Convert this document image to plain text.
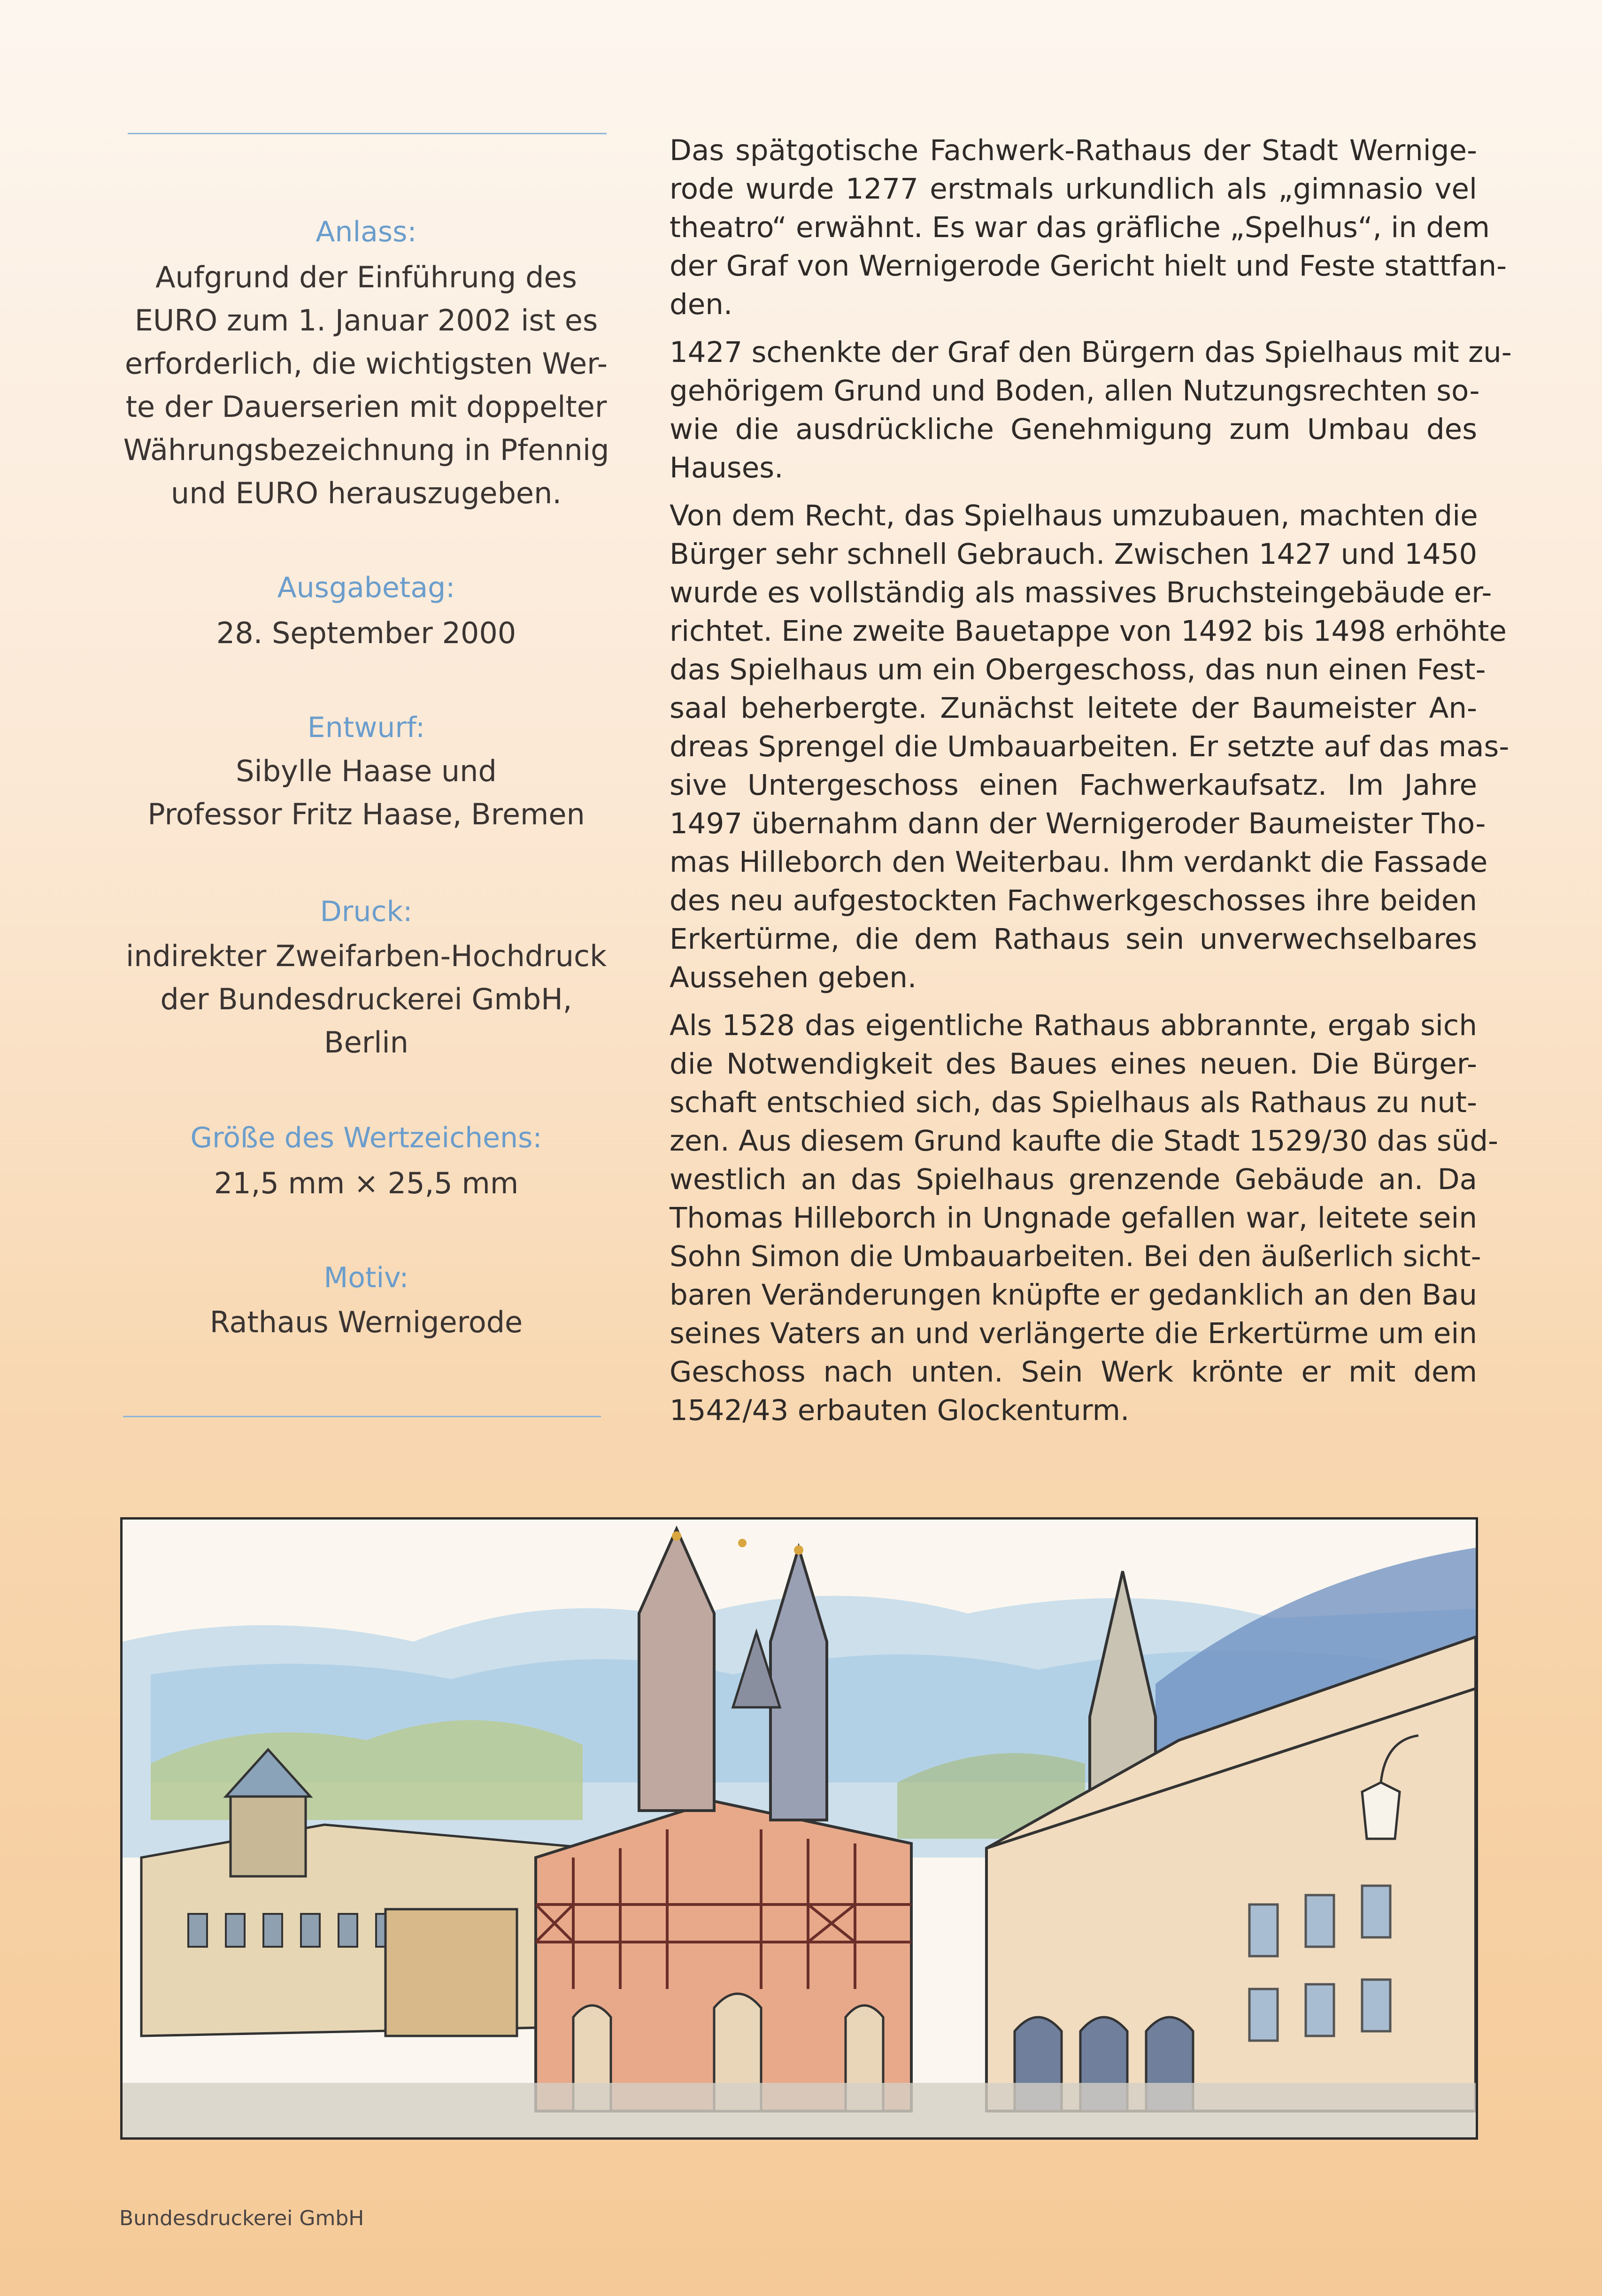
Anlass:
Aufgrund der Einführung des
EURO zum 1. Januar 2002 ist es
erforderlich, die wichtigsten Wer-
te der Dauerserien mit doppelter
Währungsbezeichnung in Pfennig
und EURO herauszugeben.
Ausgabetag:
28. September 2000
Entwurf:
Sibylle Haase und
Professor Fritz Haase, Bremen
Druck:
indirekter Zweifarben-Hochdruck
der Bundesdruckerei GmbH,
Berlin
Größe des Wertzeichens:
21,5 mm × 25,5 mm
Motiv:
Rathaus Wernigerode
Das spätgotische Fachwerk-Rathaus der Stadt Wernige-
rode wurde 1277 erstmals urkundlich als „gimnasio vel
theatro“ erwähnt. Es war das gräfliche „Spelhus“, in dem
der Graf von Wernigerode Gericht hielt und Feste stattfan-
den.
1427 schenkte der Graf den Bürgern das Spielhaus mit zu-
gehörigem Grund und Boden, allen Nutzungsrechten so-
wie die ausdrückliche Genehmigung zum Umbau des
Hauses.
Von dem Recht, das Spielhaus umzubauen, machten die
Bürger sehr schnell Gebrauch. Zwischen 1427 und 1450
wurde es vollständig als massives Bruchsteingebäude er-
richtet. Eine zweite Bauetappe von 1492 bis 1498 erhöhte
das Spielhaus um ein Obergeschoss, das nun einen Fest-
saal beherbergte. Zunächst leitete der Baumeister An-
dreas Sprengel die Umbauarbeiten. Er setzte auf das mas-
sive Untergeschoss einen Fachwerkaufsatz. Im Jahre
1497 übernahm dann der Wernigeroder Baumeister Tho-
mas Hilleborch den Weiterbau. Ihm verdankt die Fassade
des neu aufgestockten Fachwerkgeschosses ihre beiden
Erkertürme, die dem Rathaus sein unverwechselbares
Aussehen geben.
Als 1528 das eigentliche Rathaus abbrannte, ergab sich
die Notwendigkeit des Baues eines neuen. Die Bürger-
schaft entschied sich, das Spielhaus als Rathaus zu nut-
zen. Aus diesem Grund kaufte die Stadt 1529/30 das süd-
westlich an das Spielhaus grenzende Gebäude an. Da
Thomas Hilleborch in Ungnade gefallen war, leitete sein
Sohn Simon die Umbauarbeiten. Bei den äußerlich sicht-
baren Veränderungen knüpfte er gedanklich an den Bau
seines Vaters an und verlängerte die Erkertürme um ein
Geschoss nach unten. Sein Werk krönte er mit dem
1542/43 erbauten Glockenturm.
Bundesdruckerei GmbH
